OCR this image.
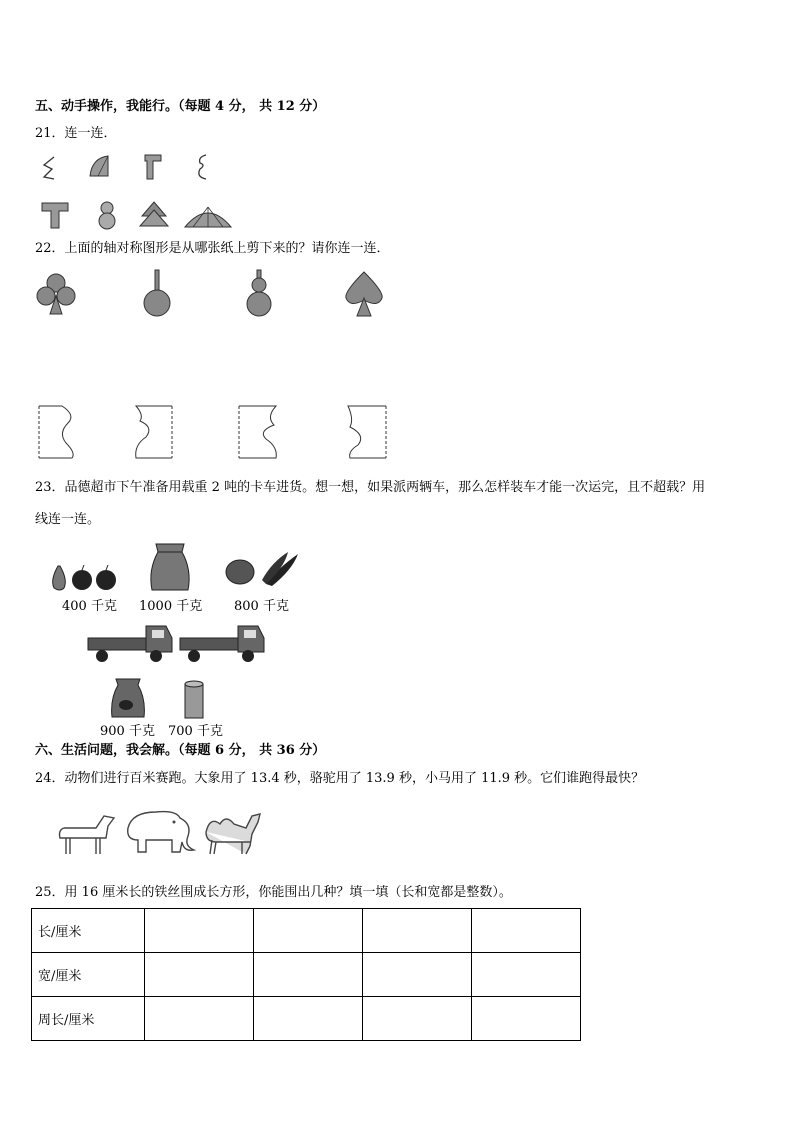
五、动手操作，我能行。（每题 4 分， 共 12 分）
21．连一连．
22．上面的轴对称图形是从哪张纸上剪下来的？请你连一连．
23．品德超市下午准备用载重 2 吨的卡车进货。想一想，如果派两辆车，那么怎样装车才能一次运完，且不超载？用
线连一连。
400 千克 1000 千克 800 千克
900 千克 700 千克
六、生活问题，我会解。（每题 6 分， 共 36 分）
24．动物们进行百米赛跑。大象用了 13.4 秒，骆驼用了 13.9 秒，小马用了 11.9 秒。它们谁跑得最快？
25．用 16 厘米长的铁丝围成长方形，你能围出几种？填一填（长和宽都是整数）。
长/厘米				
宽/厘米				
周长/厘米				
